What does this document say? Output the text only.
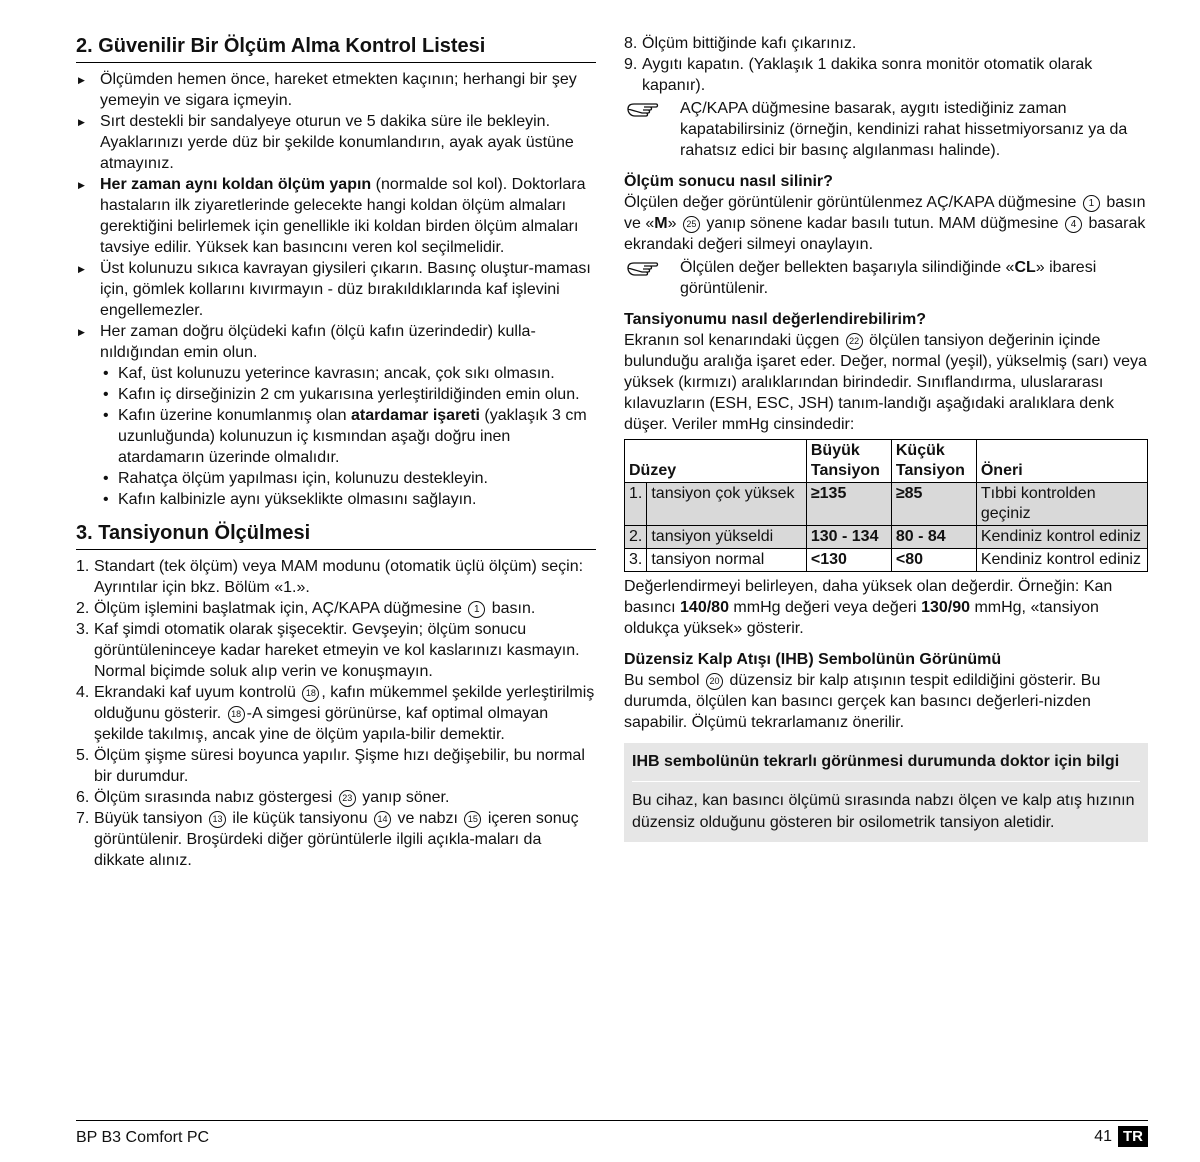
2. Güvenilir Bir Ölçüm Alma Kontrol Listesi
▶ Ölçümden hemen önce, hareket etmekten kaçının; herhangi bir şey yemeyin ve sigara içmeyin.
▶ Sırt destekli bir sandalyeye oturun ve 5 dakika süre ile bekleyin. Ayaklarınızı yerde düz bir şekilde konumlandırın, ayak ayak üstüne atmayınız.
▶ Her zaman aynı koldan ölçüm yapın (normalde sol kol). Doktorlara hastaların ilk ziyaretlerinde gelecekte hangi koldan ölçüm almaları gerektiğini belirlemek için genellikle iki koldan birden ölçüm almaları tavsiye edilir. Yüksek kan basıncını veren kol seçilmelidir.
▶ Üst kolunuzu sıkıca kavrayan giysileri çıkarın. Basınç oluştur-maması için, gömlek kollarını kıvırmayın - düz bırakıldıklarında kaf işlevini engellemezler.
▶ Her zaman doğru ölçüdeki kafın (ölçü kafın üzerindedir) kulla-nıldığından emin olun.
• Kaf, üst kolunuzu yeterince kavrasın; ancak, çok sıkı olmasın.
• Kafın iç dirseğinizin 2 cm yukarısına yerleştirildiğinden emin olun.
• Kafın üzerine konumlanmış olan atardamar işareti (yaklaşık 3 cm uzunluğunda) kolunuzun iç kısmından aşağı doğru inen atardamarın üzerinde olmalıdır.
• Rahatça ölçüm yapılması için, kolunuzu destekleyin.
• Kafın kalbinizle aynı yükseklikte olmasını sağlayın.
3. Tansiyonun Ölçülmesi
1. Standart (tek ölçüm) veya MAM modunu (otomatik üçlü ölçüm) seçin: Ayrıntılar için bkz. Bölüm «1.».
2. Ölçüm işlemini başlatmak için, AÇ/KAPA düğmesine 1 basın.
3. Kaf şimdi otomatik olarak şişecektir. Gevşeyin; ölçüm sonucu görüntüleninceye kadar hareket etmeyin ve kol kaslarınızı kasmayın. Normal biçimde soluk alıp verin ve konuşmayın.
4. Ekrandaki kaf uyum kontrolü 18 , kafın mükemmel şekilde yerleştirilmiş olduğunu gösterir. 18 -A simgesi görünürse, kaf optimal olmayan şekilde takılmış, ancak yine de ölçüm yapıla-bilir demektir.
5. Ölçüm şişme süresi boyunca yapılır. Şişme hızı değişebilir, bu normal bir durumdur.
6. Ölçüm sırasında nabız göstergesi 23 yanıp söner.
7. Büyük tansiyon 13 ile küçük tansiyonu 14 ve nabzı 15 içeren sonuç görüntülenir. Broşürdeki diğer görüntülerle ilgili açıkla-maları da dikkate alınız.
8. Ölçüm bittiğinde kafı çıkarınız.
9. Aygıtı kapatın. (Yaklaşık 1 dakika sonra monitör otomatik olarak kapanır).
AÇ/KAPA düğmesine basarak, aygıtı istediğiniz zaman kapatabilirsiniz (örneğin, kendinizi rahat hissetmiyorsanız ya da rahatsız edici bir basınç algılanması halinde).
Ölçüm sonucu nasıl silinir?

Ölçülen değer görüntülenir görüntülenmez AÇ/KAPA düğmesine 1 basın ve «M» 25 yanıp sönene kadar basılı tutun. MAM düğmesine 4 basarak ekrandaki değeri silmeyi onaylayın.

Ölçülen değer bellekten başarıyla silindiğinde «CL» ibaresi görüntülenir.
Tansiyonumu nasıl değerlendirebilirim?

Ekranın sol kenarındaki üçgen 22 ölçülen tansiyon değerinin içinde bulunduğu aralığa işaret eder. Değer, normal (yeşil), yükselmiş (sarı) veya yüksek (kırmızı) aralıklarından birindedir. Sınıflandırma, uluslararası kılavuzların (ESH, ESC, JSH) tanım-landığı aşağıdaki aralıklara denk düşer. Veriler mmHg cinsindedir:

Düzey		Büyük Tansiyon	Küçük Tansiyon	Öneri
1.	tansiyon çok yüksek	≥135	≥85	Tıbbi kontrolden geçiniz
2.	tansiyon yükseldi	130 - 134	80 - 84	Kendiniz kontrol ediniz
3.	tansiyon normal	<130	<80	Kendiniz kontrol ediniz

Değerlendirmeyi belirleyen, daha yüksek olan değerdir. Örneğin: Kan basıncı 140/80 mmHg değeri veya değeri 130/90 mmHg, «tansiyon oldukça yüksek» gösterir.

Düzensiz Kalp Atışı (IHB) Sembolünün Görünümü

Bu sembol 20 düzensiz bir kalp atışının tespit edildiğini gösterir. Bu durumda, ölçülen kan basıncı gerçek kan basıncı değerleri-nizden sapabilir. Ölçümü tekrarlamanız önerilir.

IHB sembolünün tekrarlı görünmesi durumunda doktor için bilgi
Bu cihaz, kan basıncı ölçümü sırasında nabzı ölçen ve kalp atış hızının düzensiz olduğunu gösteren bir osilometrik tansiyon aletidir.
BP B3 Comfort PC	41 TR
